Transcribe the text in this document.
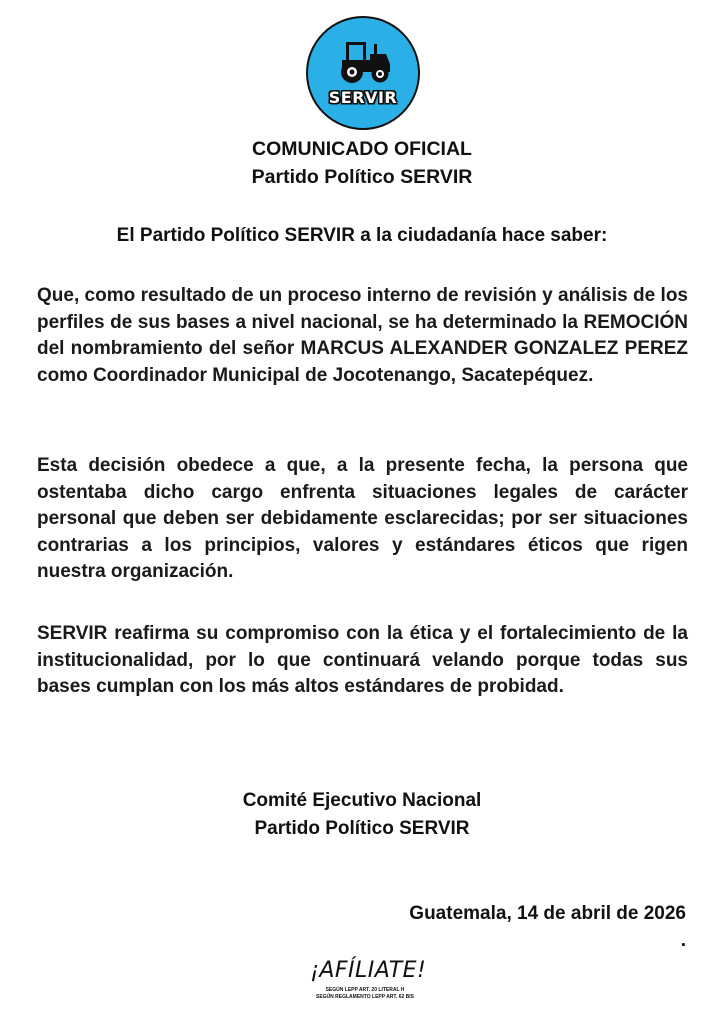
SERVIR
COMUNICADO OFICIAL
Partido Político SERVIR
El Partido Político SERVIR a la ciudadanía hace saber:
Que, como resultado de un proceso interno de revisión y análisis de los perfiles de sus bases a nivel nacional, se ha determinado la REMOCIÓN del nombramiento del señor MARCUS ALEXANDER GONZALEZ PEREZ como Coordinador Municipal de Jocotenango, Sacatepéquez.
Esta decisión obedece a que, a la presente fecha, la persona que ostentaba dicho cargo enfrenta situaciones legales de carácter personal que deben ser debidamente esclarecidas; por ser situaciones contrarias a los principios, valores y estándares éticos que rigen nuestra organización.
SERVIR reafirma su compromiso con la ética y el fortalecimiento de la institucionalidad, por lo que continuará velando porque todas sus bases cumplan con los más altos estándares de probidad.
Comité Ejecutivo Nacional
Partido Político SERVIR
Guatemala, 14 de abril de 2026
.
¡AFÍLIATE!
SEGÚN LEPP ART. 20 LITERAL H
SEGÚN REGLAMENTO LEPP ART. 62 BIS
